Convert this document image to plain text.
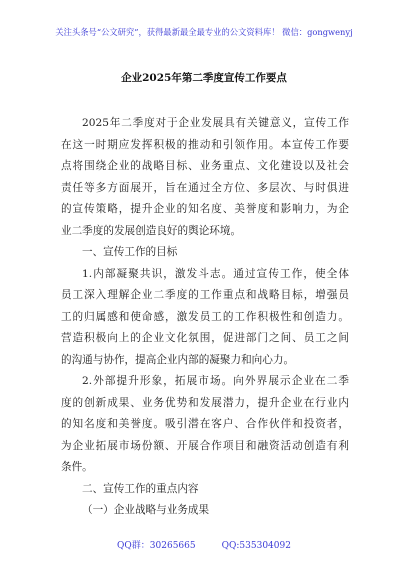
关注头条号“公文研究”，获得最新最全最专业的公文资料库！ 微信：gongwenyj
企业2025年第二季度宣传工作要点
2025年二季度对于企业发展具有关键意义，宣传工作
在这一时期应发挥积极的推动和引领作用。本宣传工作要
点将围绕企业的战略目标、业务重点、文化建设以及社会
责任等多方面展开，旨在通过全方位、多层次、与时俱进
的宣传策略，提升企业的知名度、美誉度和影响力，为企
业二季度的发展创造良好的舆论环境。
一、宣传工作的目标
1.内部凝聚共识，激发斗志。通过宣传工作，使全体
员工深入理解企业二季度的工作重点和战略目标，增强员
工的归属感和使命感，激发员工的工作积极性和创造力。
营造积极向上的企业文化氛围，促进部门之间、员工之间
的沟通与协作，提高企业内部的凝聚力和向心力。
2.外部提升形象，拓展市场。向外界展示企业在二季
度的创新成果、业务优势和发展潜力，提升企业在行业内
的知名度和美誉度。吸引潜在客户、合作伙伴和投资者，
为企业拓展市场份额、开展合作项目和融资活动创造有利
条件。
二、宣传工作的重点内容
（一）企业战略与业务成果
QQ群：30265665	QQ:535304092
